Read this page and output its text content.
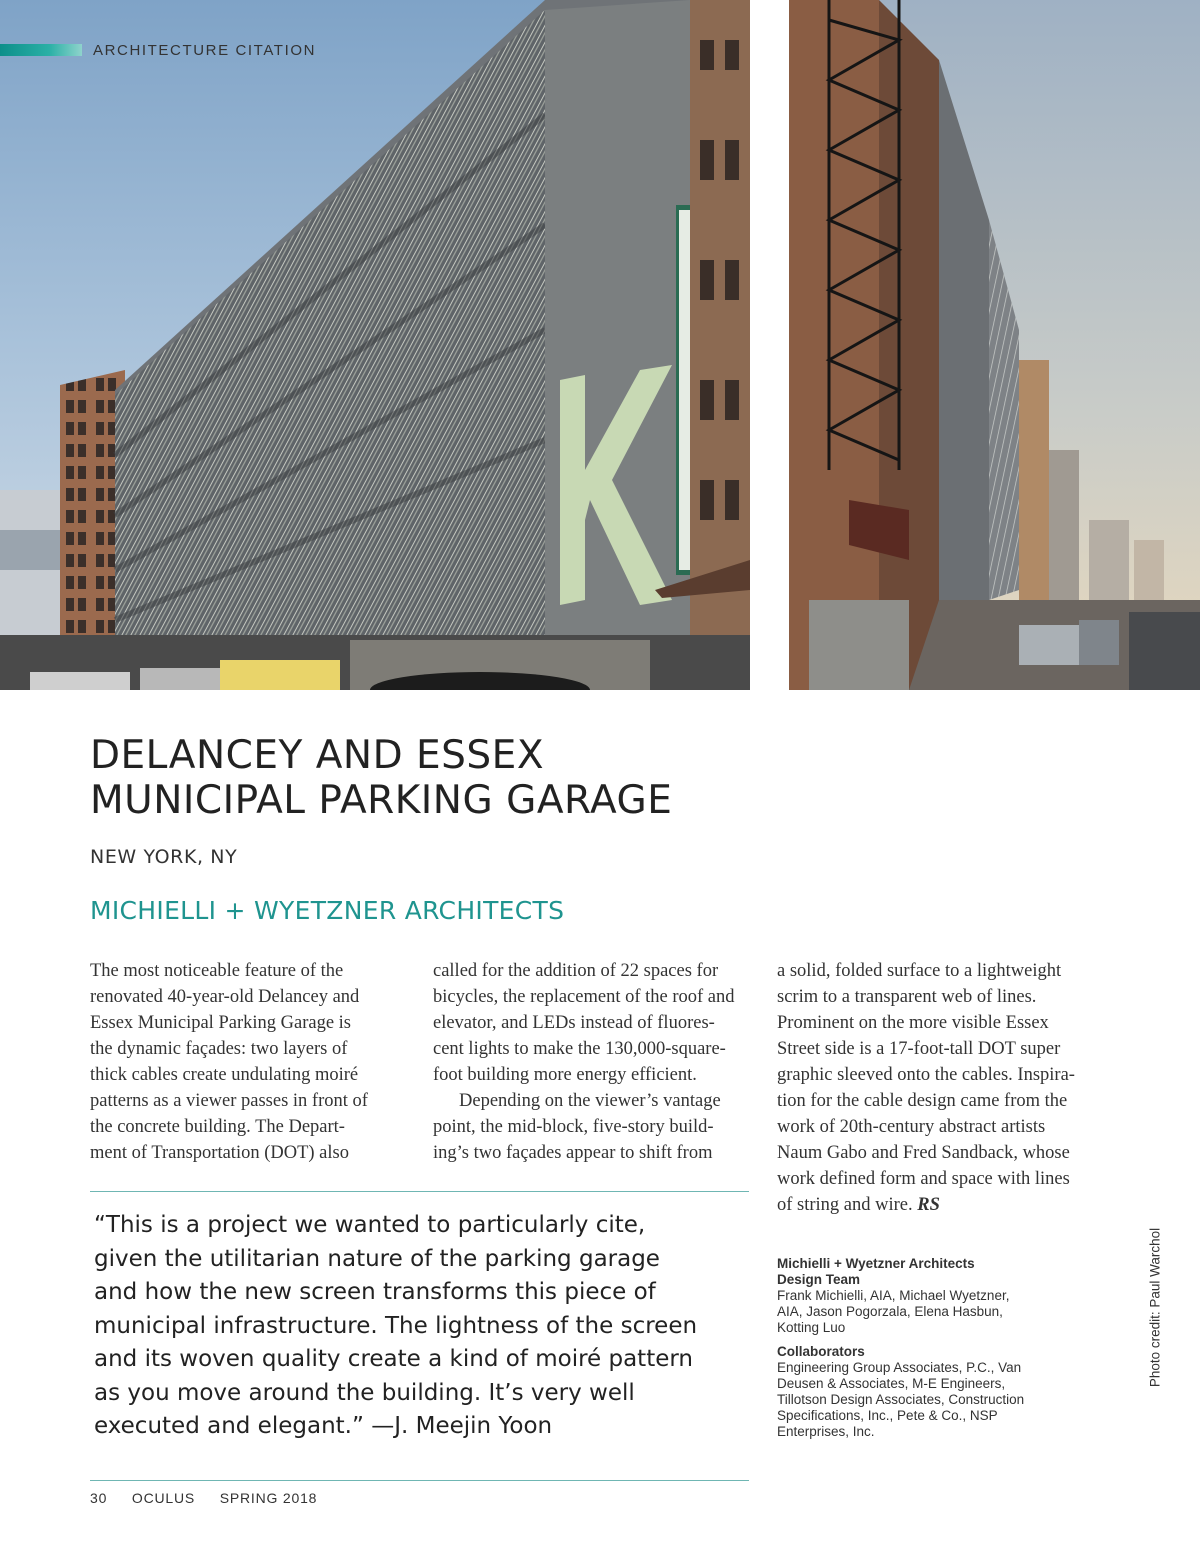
ARCHITECTURE CITATION
DELANCEY AND ESSEX
MUNICIPAL PARKING GARAGE
NEW YORK, NY
MICHIELLI + WYETZNER ARCHITECTS
The most noticeable feature of the
renovated 40-year-old Delancey and
Essex Municipal Parking Garage is
the dynamic façades: two layers of
thick cables create undulating moiré
patterns as a viewer passes in front of
the concrete building. The Depart-
ment of Transportation (DOT) also
called for the addition of 22 spaces for
bicycles, the replacement of the roof and
elevator, and LEDs instead of fluores-
cent lights to make the 130,000-square-
foot building more energy efficient.
Depending on the viewer’s vantage
point, the mid-block, five-story build-
ing’s two façades appear to shift from
a solid, folded surface to a lightweight
scrim to a transparent web of lines.
Prominent on the more visible Essex
Street side is a 17-foot-tall DOT super
graphic sleeved onto the cables. Inspira-
tion for the cable design came from the
work of 20th-century abstract artists
Naum Gabo and Fred Sandback, whose
work defined form and space with lines
of string and wire. RS
“This is a project we wanted to particularly cite,
given the utilitarian nature of the parking garage
and how the new screen transforms this piece of
municipal infrastructure. The lightness of the screen
and its woven quality create a kind of moiré pattern
as you move around the building. It’s very well
executed and elegant.” —J. Meejin Yoon
Michielli + Wyetzner Architects
Design Team
Frank Michielli, AIA, Michael Wyetzner,
AIA, Jason Pogorzala, Elena Hasbun,
Kotting Luo
Collaborators
Engineering Group Associates, P.C., Van
Deusen & Associates, M-E Engineers,
Tillotson Design Associates, Construction
Specifications, Inc., Pete & Co., NSP
Enterprises, Inc.
Photo credit: Paul Warchol
30 OCULUS SPRING 2018
